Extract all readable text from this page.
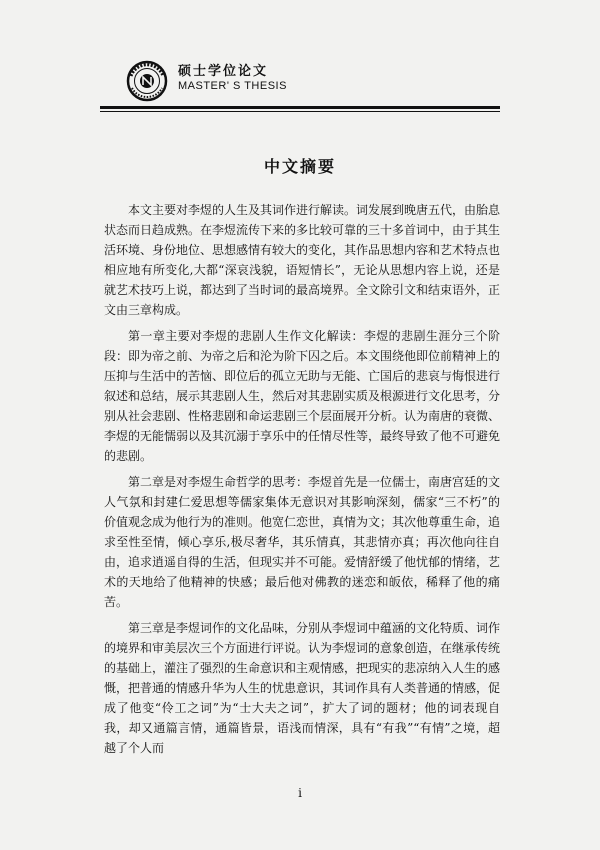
硕士学位论文
MASTER' S THESIS
中文摘要

本文主要对李煜的人生及其词作进行解读。词发展到晚唐五代，由胎息状态而日趋成熟。在李煜流传下来的多比较可靠的三十多首词中，由于其生活环境、身份地位、思想感情有较大的变化，其作品思想内容和艺术特点也相应地有所变化,大都“深哀浅貌，语短情长”，无论从思想内容上说，还是就艺术技巧上说，都达到了当时词的最高境界。全文除引文和结束语外，正文由三章构成。

第一章主要对李煜的悲剧人生作文化解读：李煜的悲剧生涯分三个阶段：即为帝之前、为帝之后和沦为阶下囚之后。本文围绕他即位前精神上的压抑与生活中的苦恼、即位后的孤立无助与无能、亡国后的悲哀与悔恨进行叙述和总结，展示其悲剧人生，然后对其悲剧实质及根源进行文化思考，分别从社会悲剧、性格悲剧和命运悲剧三个层面展开分析。认为南唐的衰微、李煜的无能懦弱以及其沉溺于享乐中的任情尽性等，最终导致了他不可避免的悲剧。

第二章是对李煜生命哲学的思考：李煜首先是一位儒士，南唐宫廷的文人气氛和封建仁爱思想等儒家集体无意识对其影响深刻，儒家“三不朽”的价值观念成为他行为的准则。他宽仁恋世，真情为文；其次他尊重生命，追求至性至情，倾心享乐,极尽奢华，其乐情真，其悲情亦真；再次他向往自由，追求逍遥自得的生活，但现实并不可能。爱情舒缓了他忧郁的情绪，艺术的天地给了他精神的快感；最后他对佛教的迷恋和皈依，稀释了他的痛苦。

第三章是李煜词作的文化品味，分别从李煜词中蕴涵的文化特质、词作的境界和审美层次三个方面进行评说。认为李煜词的意象创造，在继承传统的基础上，灌注了强烈的生命意识和主观情感，把现实的悲凉纳入人生的感慨，把普通的情感升华为人生的忧患意识，其词作具有人类普通的情感，促成了他变“伶工之词”为“士大夫之词”，扩大了词的题材；他的词表现自我，却又通篇言情，通篇皆景，语浅而情深，具有“有我”“有情”之境，超越了个人而

i
